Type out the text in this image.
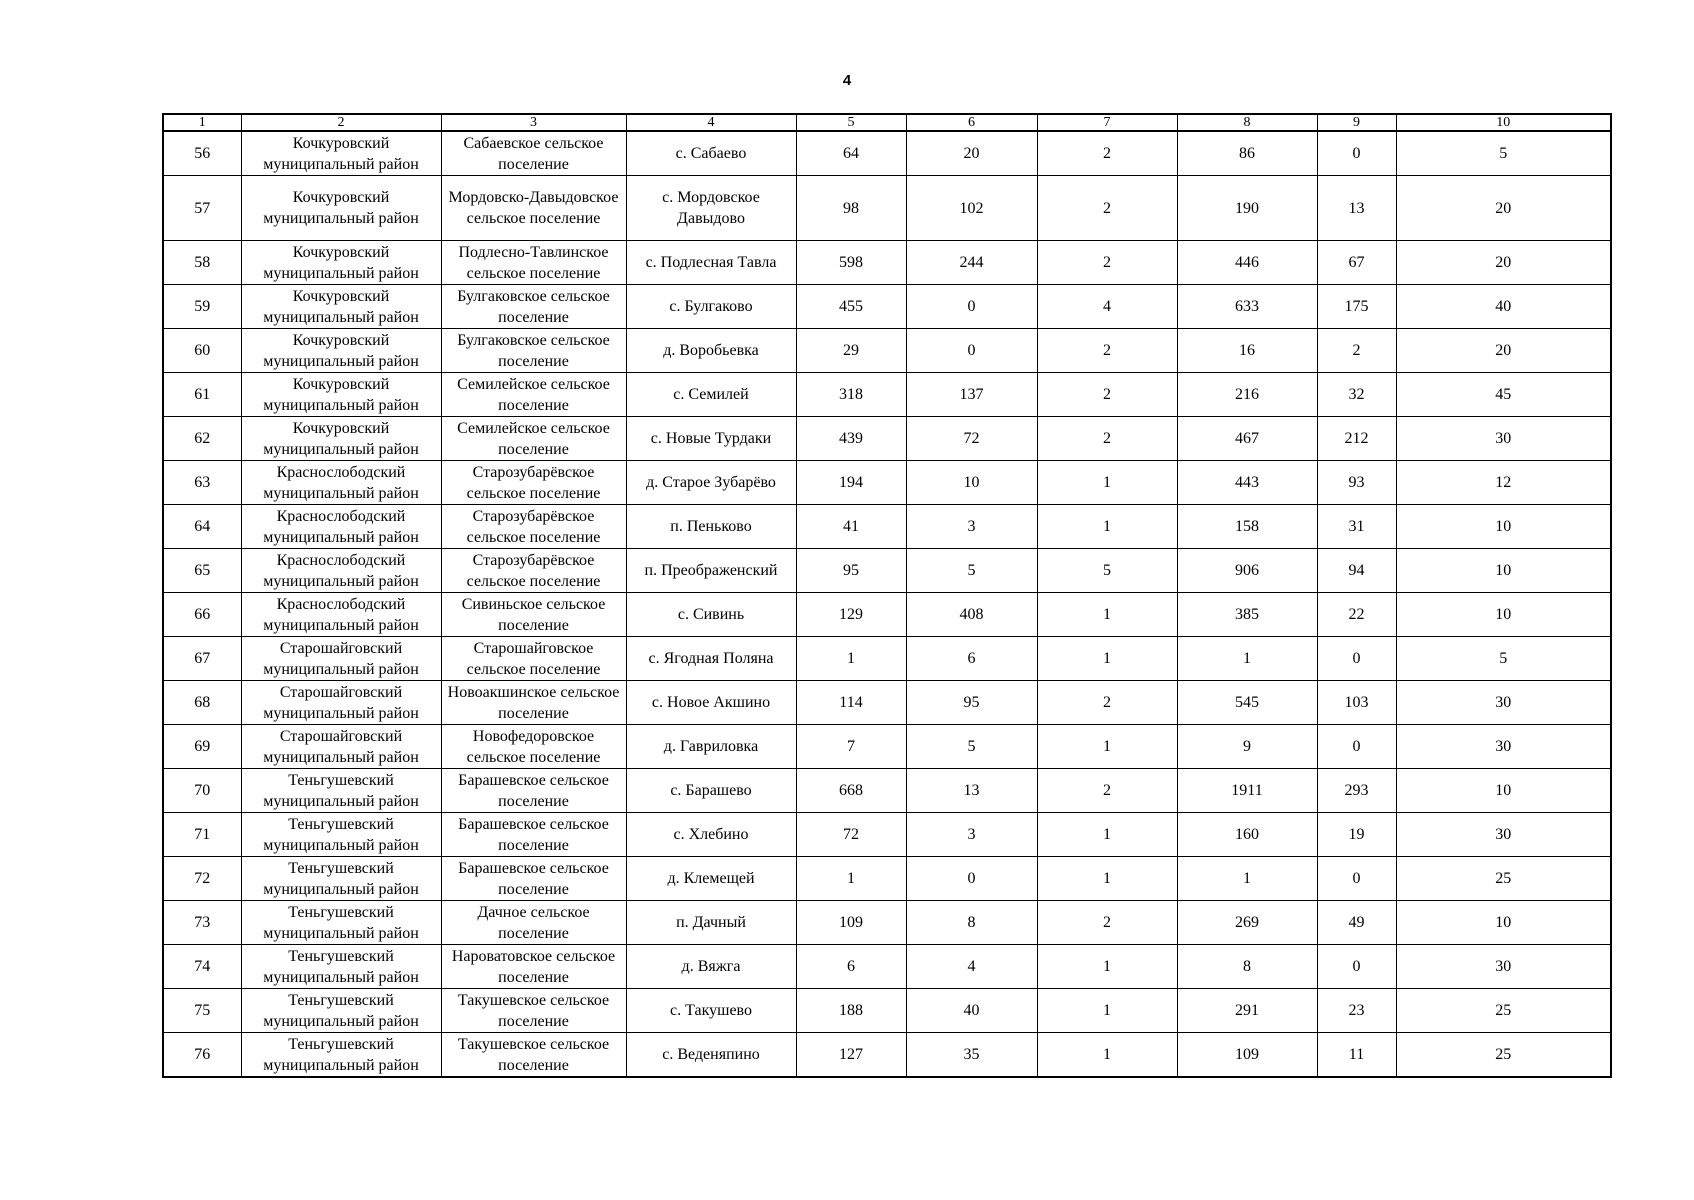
4
1	2	3	4	5	6	7	8	9	10
56	Кочкуровский муниципальный район	Сабаевское сельское поселение	с. Сабаево	64	20	2	86	0	5
57	Кочкуровский муниципальный район	Мордовско-Давыдовское сельское поселение	с. Мордовское Давыдово	98	102	2	190	13	20
58	Кочкуровский муниципальный район	Подлесно-Тавлинское сельское поселение	с. Подлесная Тавла	598	244	2	446	67	20
59	Кочкуровский муниципальный район	Булгаковское сельское поселение	с. Булгаково	455	0	4	633	175	40
60	Кочкуровский муниципальный район	Булгаковское сельское поселение	д. Воробьевка	29	0	2	16	2	20
61	Кочкуровский муниципальный район	Семилейское сельское поселение	с. Семилей	318	137	2	216	32	45
62	Кочкуровский муниципальный район	Семилейское сельское поселение	с. Новые Турдаки	439	72	2	467	212	30
63	Краснослободский муниципальный район	Старозубарёвское сельское поселение	д. Старое Зубарёво	194	10	1	443	93	12
64	Краснослободский муниципальный район	Старозубарёвское сельское поселение	п. Пеньково	41	3	1	158	31	10
65	Краснослободский муниципальный район	Старозубарёвское сельское поселение	п. Преображенский	95	5	5	906	94	10
66	Краснослободский муниципальный район	Сивиньское сельское поселение	с. Сивинь	129	408	1	385	22	10
67	Старошайговский муниципальный район	Старошайговское сельское поселение	с. Ягодная Поляна	1	6	1	1	0	5
68	Старошайговский муниципальный район	Новоакшинское сельское поселение	с. Новое Акшино	114	95	2	545	103	30
69	Старошайговский муниципальный район	Новофедоровское сельское поселение	д. Гавриловка	7	5	1	9	0	30
70	Теньгушевский муниципальный район	Барашевское сельское поселение	с. Барашево	668	13	2	1911	293	10
71	Теньгушевский муниципальный район	Барашевское сельское поселение	с. Хлебино	72	3	1	160	19	30
72	Теньгушевский муниципальный район	Барашевское сельское поселение	д. Клемещей	1	0	1	1	0	25
73	Теньгушевский муниципальный район	Дачное сельское поселение	п. Дачный	109	8	2	269	49	10
74	Теньгушевский муниципальный район	Нароватовское сельское поселение	д. Вяжга	6	4	1	8	0	30
75	Теньгушевский муниципальный район	Такушевское сельское поселение	с. Такушево	188	40	1	291	23	25
76	Теньгушевский муниципальный район	Такушевское сельское поселение	с. Веденяпино	127	35	1	109	11	25
